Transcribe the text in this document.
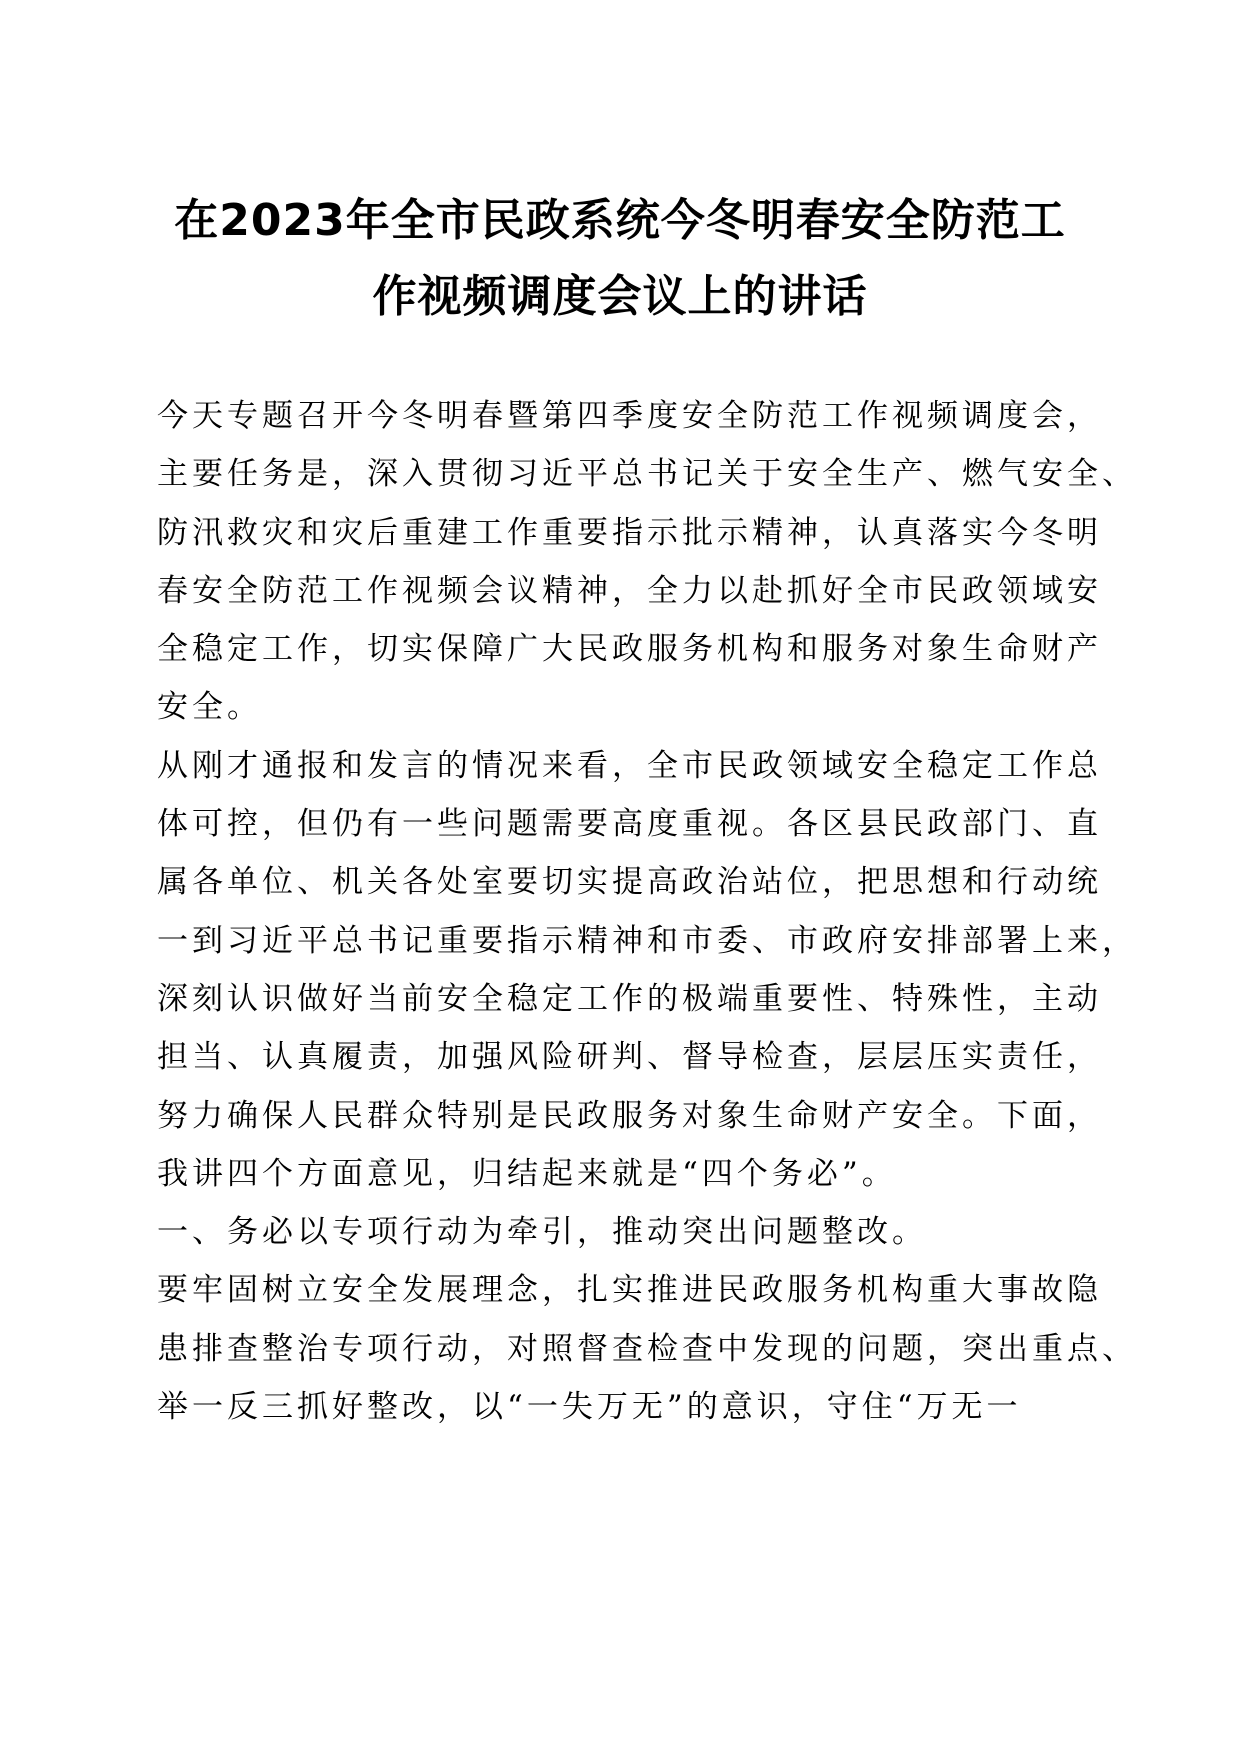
在2023年全市民政系统今冬明春安全防范工
作视频调度会议上的讲话
今天专题召开今冬明春暨第四季度安全防范工作视频调度会，
主要任务是，深入贯彻习近平总书记关于安全生产、燃气安全、
防汛救灾和灾后重建工作重要指示批示精神，认真落实今冬明
春安全防范工作视频会议精神，全力以赴抓好全市民政领域安
全稳定工作，切实保障广大民政服务机构和服务对象生命财产
安全。
从刚才通报和发言的情况来看，全市民政领域安全稳定工作总
体可控，但仍有一些问题需要高度重视。各区县民政部门、直
属各单位、机关各处室要切实提高政治站位，把思想和行动统
一到习近平总书记重要指示精神和市委、市政府安排部署上来，
深刻认识做好当前安全稳定工作的极端重要性、特殊性，主动
担当、认真履责，加强风险研判、督导检查，层层压实责任，
努力确保人民群众特别是民政服务对象生命财产安全。下面，
我讲四个方面意见，归结起来就是“四个务必”。
一、务必以专项行动为牵引，推动突出问题整改。
要牢固树立安全发展理念，扎实推进民政服务机构重大事故隐
患排查整治专项行动，对照督查检查中发现的问题，突出重点、
举一反三抓好整改，以“一失万无”的意识，守住“万无一
